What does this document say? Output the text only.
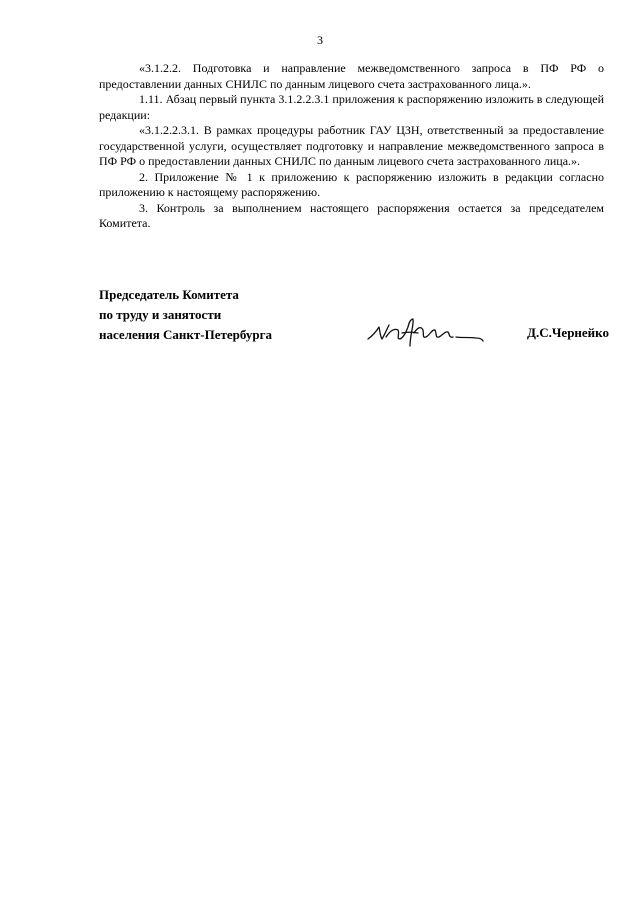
3

«3.1.2.2. Подготовка и направление межведомственного запроса в ПФ РФ о предоставлении данных СНИЛС по данным лицевого счета застрахованного лица.».

1.11. Абзац первый пункта 3.1.2.2.3.1 приложения к распоряжению изложить в следующей редакции:

«3.1.2.2.3.1. В рамках процедуры работник ГАУ ЦЗН, ответственный за предоставление государственной услуги, осуществляет подготовку и направление межведомственного запроса в ПФ РФ о предоставлении данных СНИЛС по данным лицевого счета застрахованного лица.».

2. Приложение № 1 к приложению к распоряжению изложить в редакции согласно приложению к настоящему распоряжению.

3. Контроль за выполнением настоящего распоряжения остается за председателем Комитета.

Председатель Комитета
по труду и занятости
населения Санкт-Петербурга	Д.С.Чернейко
